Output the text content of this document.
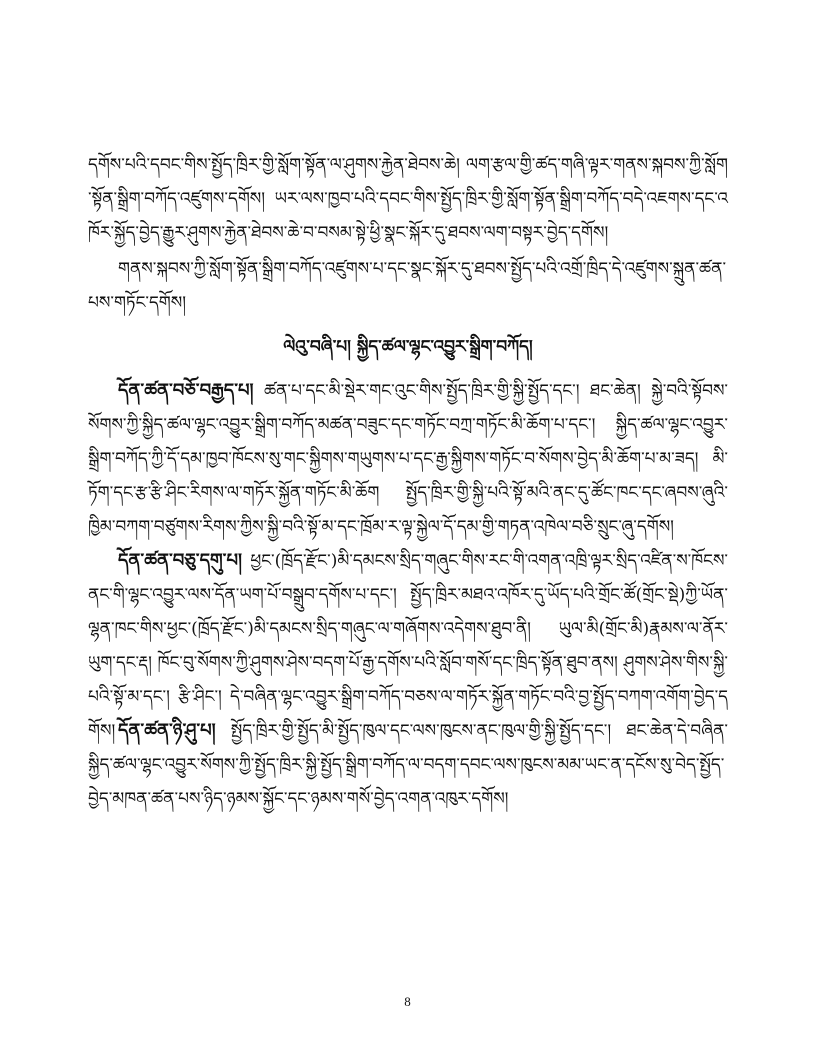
དགོས་པའི་དབང་གིས་སྤྱོད་ཁྲིར་གྱི་སློག་སྟོན་ལ་ཤུགས་རྐྱེན་ཐེབས་ཆེ། ལག་རྩལ་གྱི་ཚད་གཞི་ལྟར་གནས་སྐབས་ཀྱི་སློག་སྟོན་སྒྲིག་བཀོད་འཛུགས་དགོས། ཡར་ལས་ཁྱབ་པའི་དབང་གིས་སྤྱོད་ཁྲིར་གྱི་སློག་སྟོན་སྒྲིག་བཀོད་བདེ་འཇགས་དང་འཁོར་སྐྱོད་བྱེད་རྒྱུར་ཤུགས་རྐྱེན་ཐེབས་ཆེ་བ་བསམ་སྟེ་ཕྱི་སྣང་སྐོར་དུ་ཐབས་ལག་བསྟར་བྱེད་དགོས།

གནས་སྐབས་ཀྱི་སློག་སྟོན་སྒྲིག་བཀོད་འཛུགས་པ་དང་སྣང་སྐོར་དུ་ཐབས་སྤྱོད་པའི་འགྲོ་ཁྲིད་དེ་འཛུགས་སྐྲུན་ཚན་པས་གཏོང་དགོས།

ལེའུ་བཞི་པ། སྐྱིད་ཚལ་ལྷང་འབྱུར་སྒྲིག་བཀོད།

དོན་ཚན་བཅོ་བརྒྱད་པ། ཚན་པ་དང་མི་སྡེར་གང་འུང་གིས་སྤྱོད་ཁྲིར་གྱི་སྐྱི་སྤྱོད་དང་། ཐང་ཆེན། སྐྱེ་བའི་སྟོབས་སོགས་ཀྱི་སྐྱིད་ཚལ་ལྷང་འབྱུར་སྒྲིག་བཀོད་མཚན་བཟུང་དང་གཏོང་བཀྲ་གཏོང་མི་ཆོག་པ་དང་། སྐྱིད་ཚལ་ལྷང་འབྱུར་སྒྲིག་བཀོད་ཀྱི་དོ་དམ་ཁྱབ་ཁོངས་སུ་གང་སྐྱིགས་གཡུགས་པ་དང་རྒྱ་སྐྱིགས་གཏོང་བ་སོགས་བྱེད་མི་ཆོག་པ་མ་ཟད། མི་ཏོག་དང་རྩ་རྩི་ཤིང་རིགས་ལ་གཏོར་སྐྱོན་གཏོང་མི་ཆོག སྤྱོད་ཁྲིར་གྱི་སྐྱི་པའི་སྟོ་མའི་ནང་དུ་ཚོང་ཁང་དང་ཞབས་ཞུའི་ཁྱིམ་བཀག་བཙུགས་རིགས་ཀྱིས་སྐྱི་བའི་སྟོ་མ་དང་ཁྲོམ་ར་ལྟ་སྐྱེལ་དོ་དམ་གྱི་གཏན་འཁེལ་བཅི་སྲུང་ཞུ་དགོས།

དོན་ཚན་བཅུ་དགུ་པ། ཕྱང་(ཁྲོད་རྫོང་)མི་དམངས་སྲིད་གཞུང་གིས་རང་གི་འགན་འཁྲི་ལྟར་སྲིད་འཛིན་ས་ཁོངས་ནང་གི་ལྷང་འབྱུར་ལས་དོན་ཡག་པོ་བསྒྲུབ་དགོས་པ་དང་། སྤྱོད་ཁྲིར་མཐའ་འཁོར་དུ་ཡོད་པའི་གྲོང་ཚོ(གྲོང་སྡེ)ཀྱི་ཡོན་ལྷན་ཁང་གིས་ཕྱང་(ཁྲོད་རྫོང་)མི་དམངས་སྲིད་གཞུང་ལ་གཞོགས་འདེགས་ཐུབ་ནི། ཡུལ་མི(གྲོང་མི)རྣམས་ལ་ནོར་ཡུག་དང་རྡ། ཁོང་བུ་སོགས་ཀྱི་ཤུགས་ཤེས་བདག་པོ་རྒྱ་དགོས་པའི་སློབ་གསོ་དང་ཁྲིད་སྟོན་ཐུབ་ནས། ཤུགས་ཤེས་གིས་སྐྱི་པའི་སྟོ་མ་དང་། རྩི་ཤིང་། དེ་བཞིན་ལྷང་འབྱུར་སྒྲིག་བཀོད་བཅས་ལ་གཏོར་སྐྱོན་གཏོང་བའི་བྱ་སྤྱོད་བཀག་འགོག་བྱེད་དགོས། དོན་ཚན་ཉི་ཤུ་པ། སྤྱོད་ཁྲིར་གྱི་སྤྱོད་མི་སྤྱོད་ཁུལ་དང་ལས་ཁུངས་ནང་ཁུལ་གྱི་སྐྱི་སྤྱོད་དང་། ཐང་ཆེན་དེ་བཞིན་སྐྱིད་ཚལ་ལྷང་འབྱུར་སོགས་ཀྱི་སྤྱོད་ཁྲིར་སྐྱི་སྤྱོད་སྒྲིག་བཀོད་ལ་བདག་དབང་ལས་ཁུངས་མམ་ཡང་ན་དངོས་སུ་བེད་སྤྱོད་བྱེད་མཁན་ཚན་པས་ཉིད་ཉམས་སྐྱོང་དང་ཉམས་གསོ་བྱེད་འགན་འཁུར་དགོས།

8
